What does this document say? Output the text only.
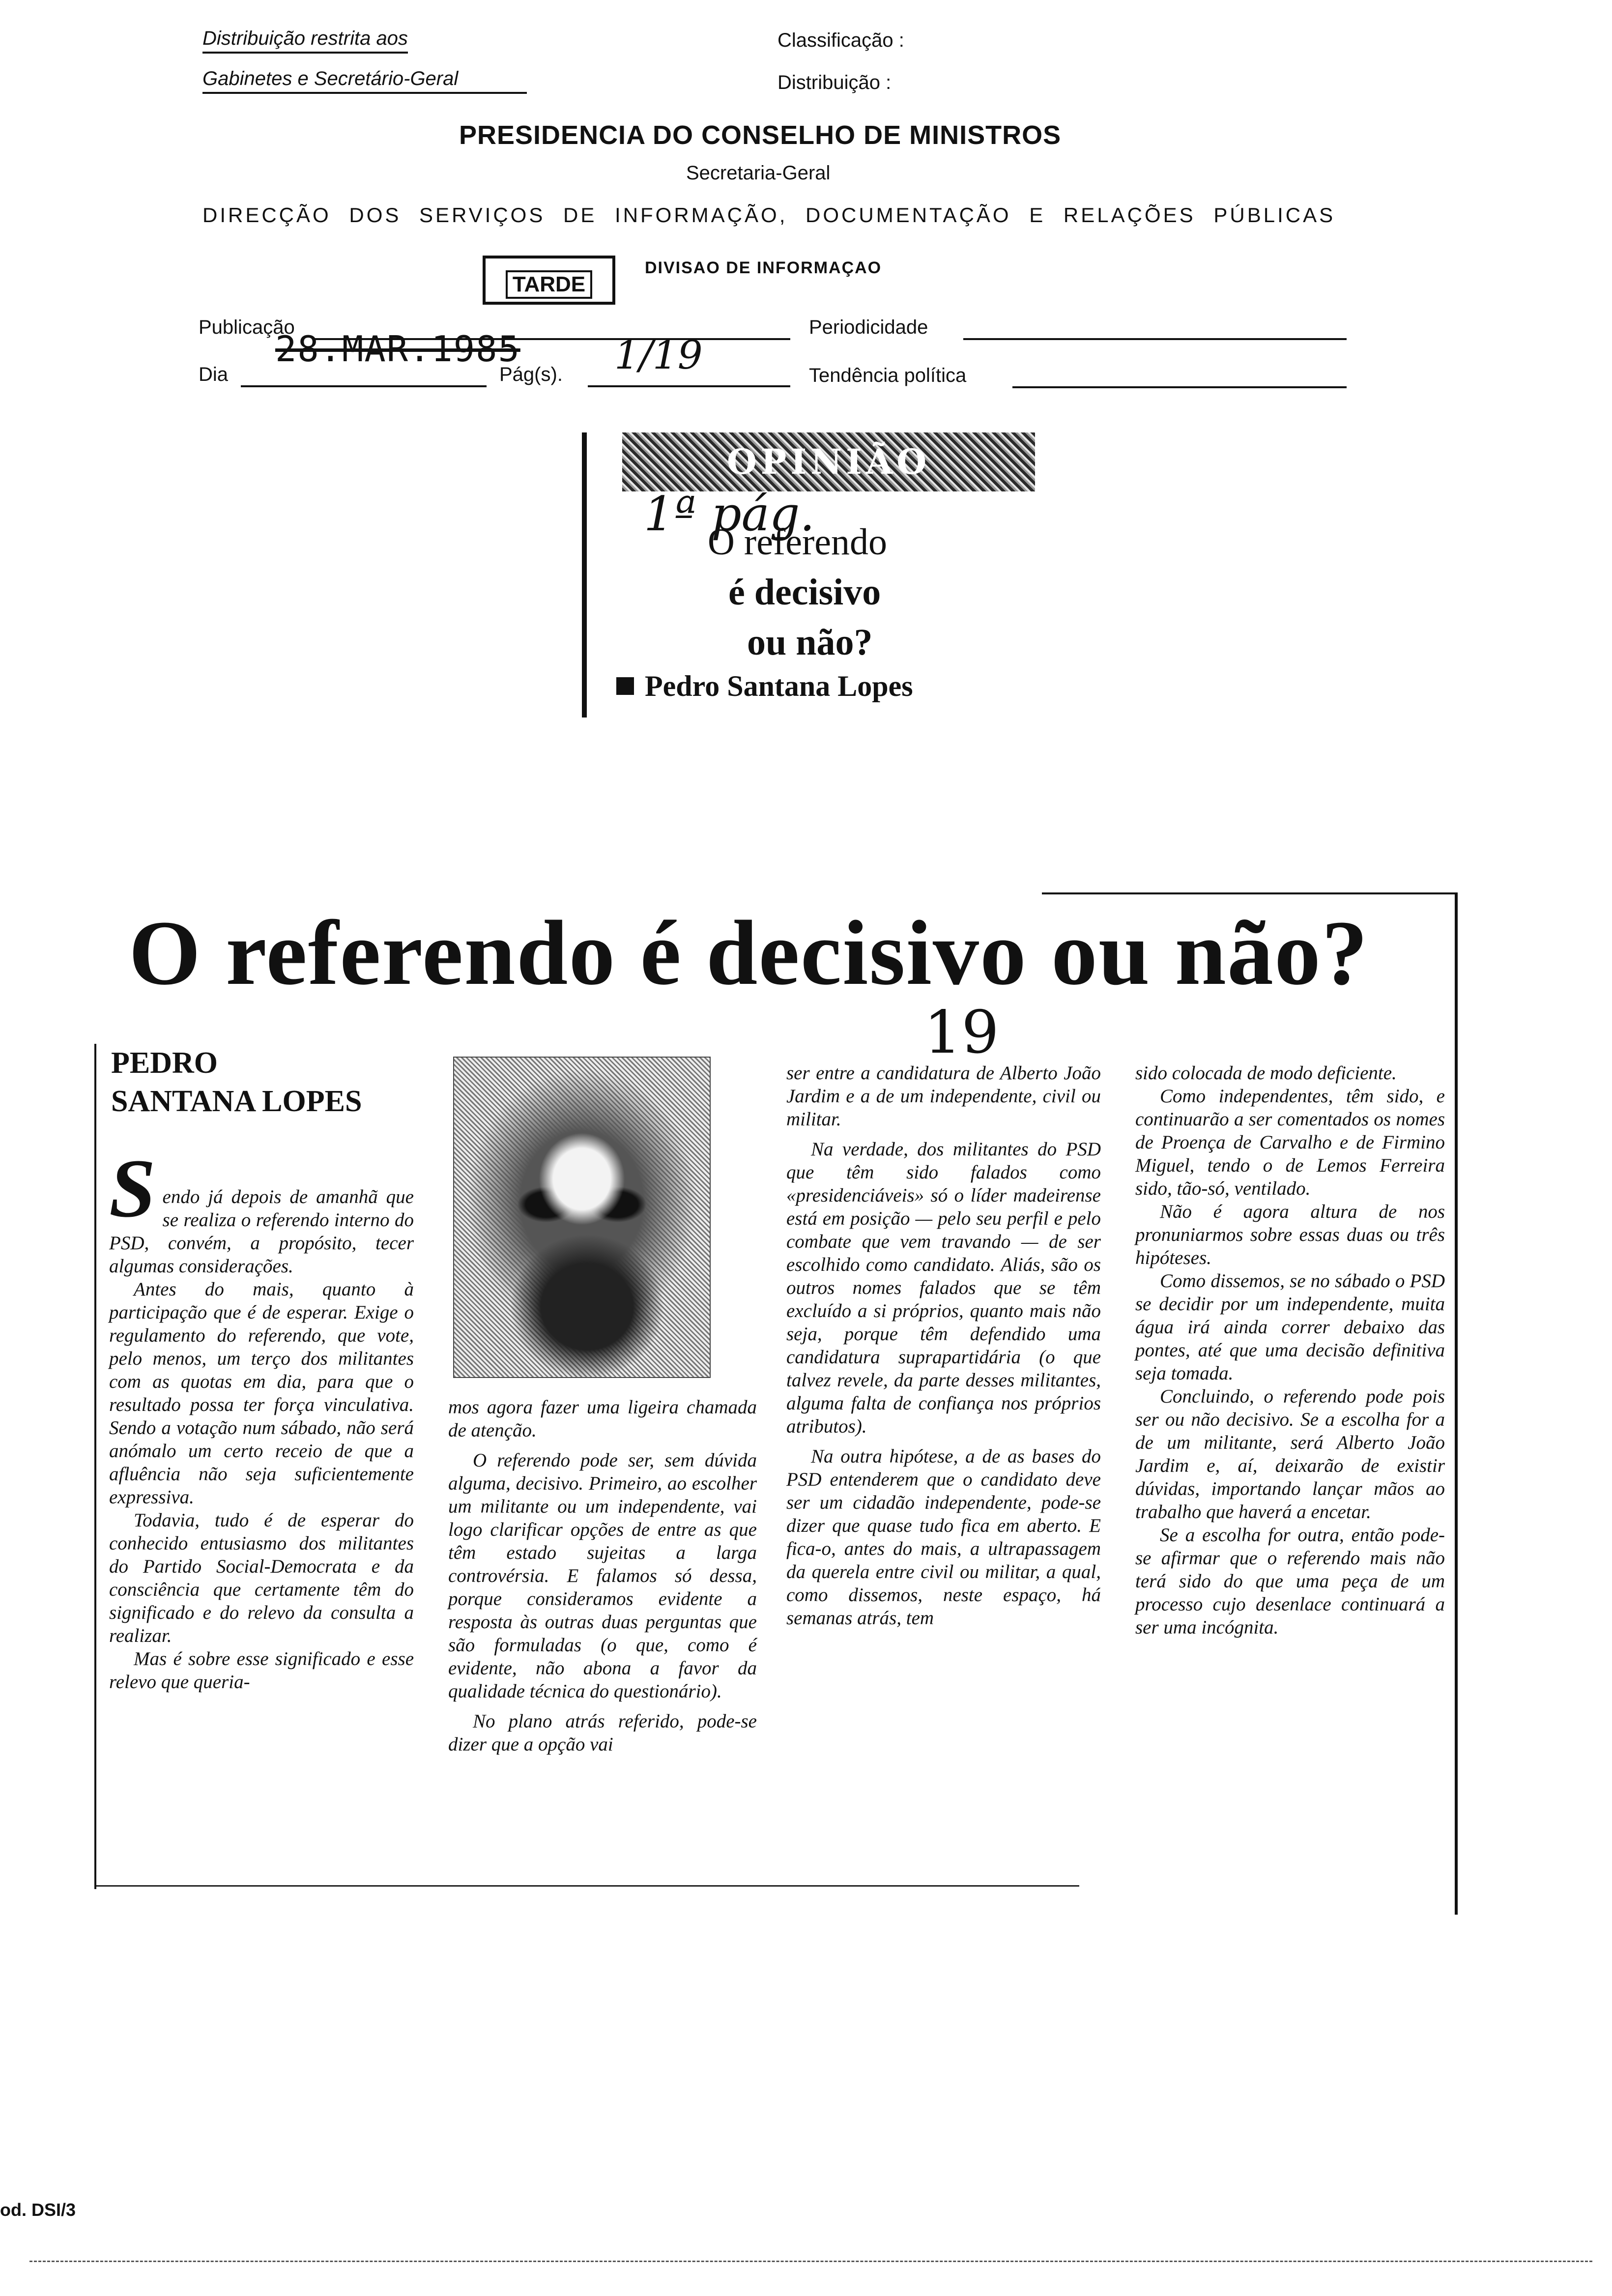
Distribuição restrita aos
Gabinetes e Secretário-Geral
Classificação :
Distribuição :
PRESIDENCIA DO CONSELHO DE MINISTROS
Secretaria-Geral
DIRECÇÃO DOS SERVIÇOS DE INFORMAÇÃO, DOCUMENTAÇÃO E RELAÇÕES PÚBLICAS
TARDE
DIVISAO DE INFORMAÇAO
Publicação
28.MAR.1985
Periodicidade
Dia	Pág(s). 1/19	Tendência política
OPINIÃO
1ª pág.
O referendo
é decisivo
ou não?
Pedro Santana Lopes
O referendo é decisivo ou não?
19
PEDRO
SANTANA LOPES
S endo já depois de amanhã que se realiza o referendo interno do PSD, convém, a propósito, tecer algumas considerações.

Antes do mais, quanto à participação que é de esperar. Exige o regulamento do referendo, que vote, pelo menos, um terço dos militantes com as quotas em dia, para que o resultado possa ter força vinculativa. Sendo a votação num sábado, não será anómalo um certo receio de que a afluência não seja suficientemente expressiva.

Todavia, tudo é de esperar do conhecido entusiasmo dos militantes do Partido Social-Democrata e da consciência que certamente têm do significado e do relevo da consulta a realizar.

Mas é sobre esse significado e esse relevo que queria-

mos agora fazer uma ligeira chamada de atenção.

O referendo pode ser, sem dúvida alguma, decisivo. Primeiro, ao escolher um militante ou um independente, vai logo clarificar opções de entre as que têm estado sujeitas a larga controvérsia. E falamos só dessa, porque consideramos evidente a resposta às outras duas perguntas que são formuladas (o que, como é evidente, não abona a favor da qualidade técnica do questionário).

No plano atrás referido, pode-se dizer que a opção vai

ser entre a candidatura de Alberto João Jardim e a de um independente, civil ou militar.

Na verdade, dos militantes do PSD que têm sido falados como «presidenciáveis» só o líder madeirense está em posição — pelo seu perfil e pelo combate que vem travando — de ser escolhido como candidato. Aliás, são os outros nomes falados que se têm excluído a si próprios, quanto mais não seja, porque têm defendido uma candidatura suprapartidária (o que talvez revele, da parte desses militantes, alguma falta de confiança nos próprios atributos).

Na outra hipótese, a de as bases do PSD entenderem que o candidato deve ser um cidadão independente, pode-se dizer que quase tudo fica em aberto. E fica-o, antes do mais, a ultrapassagem da querela entre civil ou militar, a qual, como dissemos, neste espaço, há semanas atrás, tem

sido colocada de modo deficiente.

Como independentes, têm sido, e continuarão a ser comentados os nomes de Proença de Carvalho e de Firmino Miguel, tendo o de Lemos Ferreira sido, tão-só, ventilado.

Não é agora altura de nos pronuniarmos sobre essas duas ou três hipóteses.

Como dissemos, se no sábado o PSD se decidir por um independente, muita água irá ainda correr debaixo das pontes, até que uma decisão definitiva seja tomada.

Concluindo, o referendo pode pois ser ou não decisivo. Se a escolha for a de um militante, será Alberto João Jardim e, aí, deixarão de existir dúvidas, importando lançar mãos ao trabalho que haverá a encetar.

Se a escolha for outra, então pode-se afirmar que o referendo mais não terá sido do que uma peça de um processo cujo desenlace continuará a ser uma incógnita.

od. DSI/3
